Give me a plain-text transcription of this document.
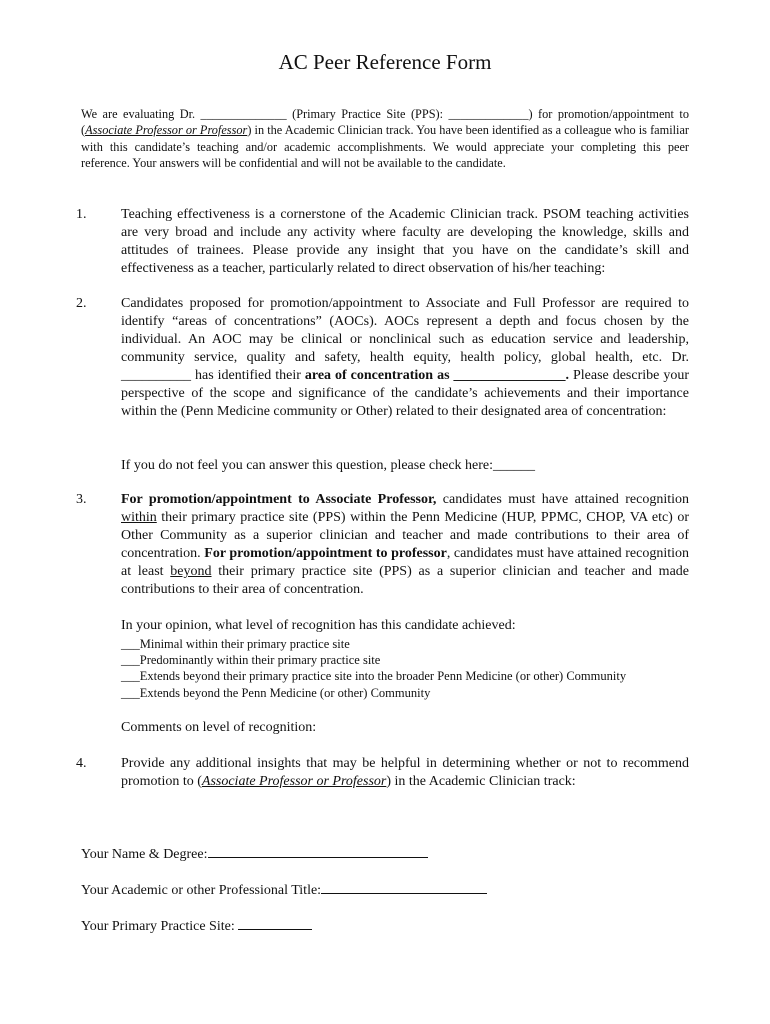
AC Peer Reference Form
We are evaluating Dr. ______________ (Primary Practice Site (PPS): _____________) for promotion/appointment to (Associate Professor or Professor) in the Academic Clinician track. You have been identified as a colleague who is familiar with this candidate’s teaching and/or academic accomplishments. We would appreciate your completing this peer reference. Your answers will be confidential and will not be available to the candidate.
1. Teaching effectiveness is a cornerstone of the Academic Clinician track. PSOM teaching activities are very broad and include any activity where faculty are developing the knowledge, skills and attitudes of trainees. Please provide any insight that you have on the candidate’s skill and effectiveness as a teacher, particularly related to direct observation of his/her teaching:
2. Candidates proposed for promotion/appointment to Associate and Full Professor are required to identify “areas of concentrations” (AOCs). AOCs represent a depth and focus chosen by the individual. An AOC may be clinical or nonclinical such as education service and leadership, community service, quality and safety, health equity, health policy, global health, etc. Dr. __________ has identified their area of concentration as ________________. Please describe your perspective of the scope and significance of the candidate’s achievements and their importance within the (Penn Medicine community or Other) related to their designated area of concentration:
If you do not feel you can answer this question, please check here:______
3. For promotion/appointment to Associate Professor, candidates must have attained recognition within their primary practice site (PPS) within the Penn Medicine (HUP, PPMC, CHOP, VA etc) or Other Community as a superior clinician and teacher and made contributions to their area of concentration. For promotion/appointment to professor, candidates must have attained recognition at least beyond their primary practice site (PPS) as a superior clinician and teacher and made contributions to their area of concentration.
In your opinion, what level of recognition has this candidate achieved:
___Minimal within their primary practice site
___Predominantly within their primary practice site
___Extends beyond their primary practice site into the broader Penn Medicine (or other) Community
___Extends beyond the Penn Medicine (or other) Community
Comments on level of recognition:
4. Provide any additional insights that may be helpful in determining whether or not to recommend promotion to (Associate Professor or Professor) in the Academic Clinician track:
Your Name & Degree:
Your Academic or other Professional Title:
Your Primary Practice Site:
